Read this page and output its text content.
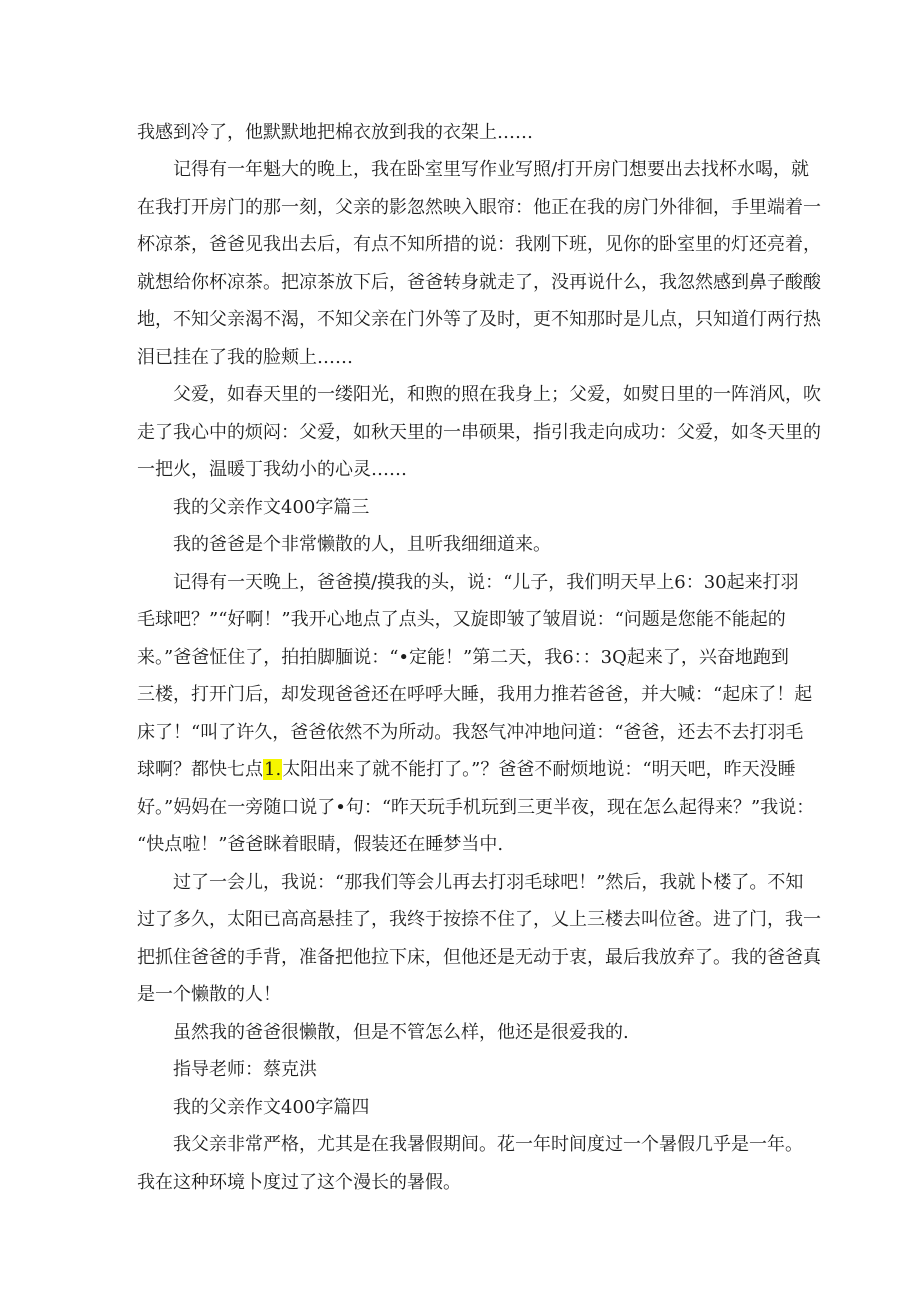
我感到冷了，他默默地把棉衣放到我的衣架上……
记得有一年魁大的晚上，我在卧室里写作业写照/打开房门想要出去找杯水喝，就
在我打开房门的那一刻，父亲的影忽然映入眼帘：他正在我的房门外徘徊，手里端着一
杯凉茶，爸爸见我出去后，有点不知所措的说：我刚下班，见你的卧室里的灯还亮着，
就想给你杯凉茶。把凉茶放下后，爸爸转身就走了，没再说什么，我忽然感到鼻子酸酸
地，不知父亲渴不渴，不知父亲在门外等了及时，更不知那时是儿点，只知道仃两行热
泪已挂在了我的脸颊上……
父爱，如春天里的一缕阳光，和煦的照在我身上；父爱，如熨日里的一阵消风，吹
走了我心中的烦闷：父爱，如秋天里的一串硕果，指引我走向成功：父爱，如冬天里的
一把火，温暖丁我幼小的心灵……
我的父亲作文400字篇三
我的爸爸是个非常懒散的人，且听我细细道来。
记得有一天晚上，爸爸摸/摸我的头，说：“儿子，我们明天早上6：30起来打羽
毛球吧？”“好啊！”我开心地点了点头，又旋即皱了皱眉说：“问题是您能不能起的
来。”爸爸怔住了，拍拍脚腼说：“•定能！”第二天，我6：：3Q起来了，兴奋地跑到
三楼，打开门后，却发现爸爸还在呼呼大睡，我用力推若爸爸，并大喊：“起床了！起
床了！“叫了许久，爸爸依然不为所动。我怒气冲冲地问道：“爸爸，还去不去打羽毛
球啊？都快七点1.太阳出来了就不能打了。”？爸爸不耐烦地说：“明天吧，昨天没睡
好。”妈妈在一旁随口说了•句：“昨天玩手机玩到三更半夜，现在怎么起得来？”我说：
“快点啦！”爸爸眯着眼睛，假装还在睡梦当中.
过了一会儿，我说：“那我们等会儿再去打羽毛球吧！”然后，我就卜楼了。不知
过了多久，太阳已高高悬挂了，我终于按捺不住了，乂上三楼去叫位爸。进了门，我一
把抓住爸爸的手背，准备把他拉下床，但他还是无动于衷，最后我放弃了。我的爸爸真
是一个懒散的人！
虽然我的爸爸很懒散，但是不管怎么样，他还是很爱我的.
指导老师：蔡克洪
我的父亲作文400字篇四
我父亲非常严格，尤其是在我暑假期间。花一年时间度过一个暑假几乎是一年。
我在这种环境卜度过了这个漫长的暑假。
